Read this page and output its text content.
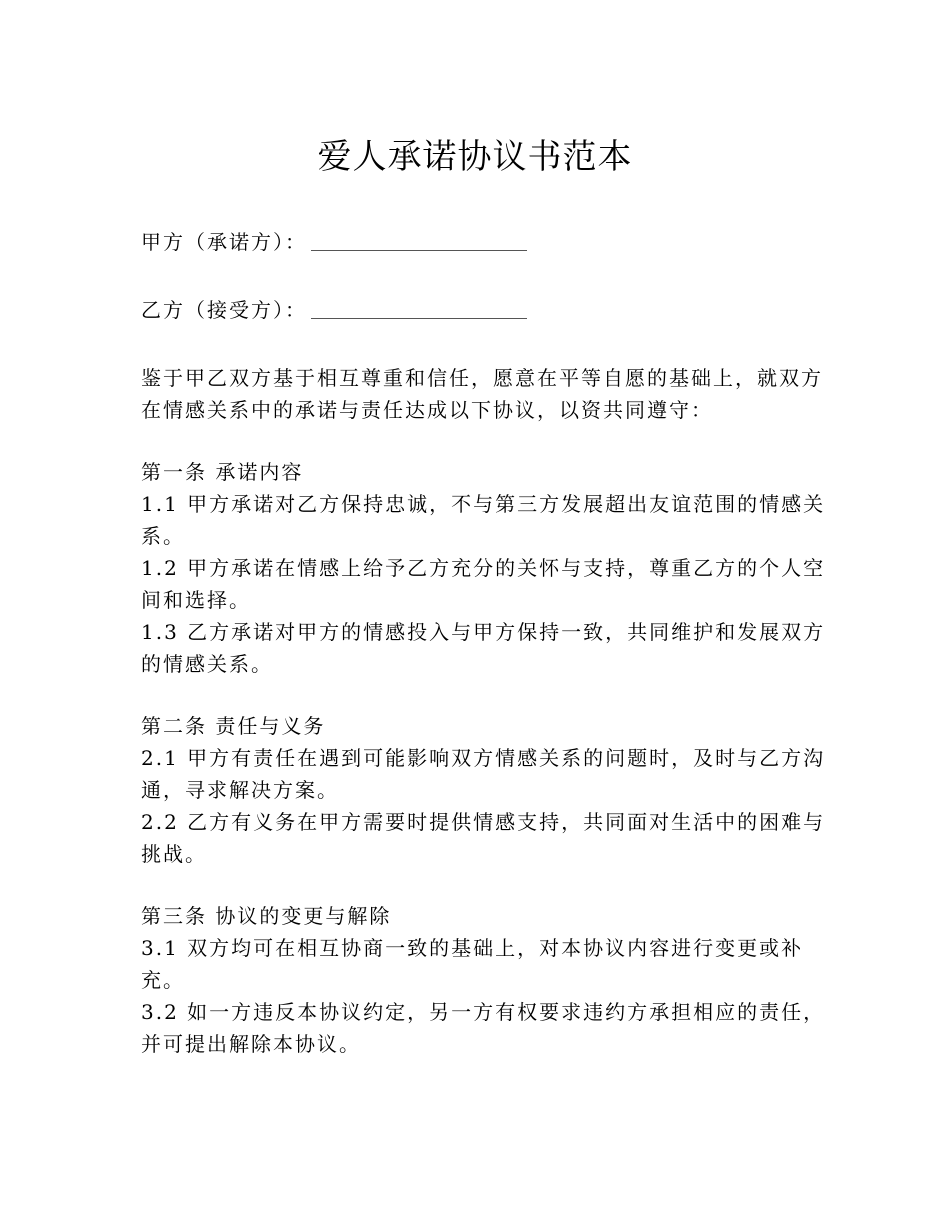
爱人承诺协议书范本
甲方（承诺方）：
乙方（接受方）：

鉴于甲乙双方基于相互尊重和信任，愿意在平等自愿的基础上，就双方在情感关系中的承诺与责任达成以下协议，以资共同遵守：

第一条 承诺内容

1.1 甲方承诺对乙方保持忠诚，不与第三方发展超出友谊范围的情感关系。

1.2 甲方承诺在情感上给予乙方充分的关怀与支持，尊重乙方的个人空间和选择。

1.3 乙方承诺对甲方的情感投入与甲方保持一致，共同维护和发展双方的情感关系。

第二条 责任与义务

2.1 甲方有责任在遇到可能影响双方情感关系的问题时，及时与乙方沟通，寻求解决方案。

2.2 乙方有义务在甲方需要时提供情感支持，共同面对生活中的困难与挑战。

第三条 协议的变更与解除

3.1 双方均可在相互协商一致的基础上，对本协议内容进行变更或补充。

3.2 如一方违反本协议约定，另一方有权要求违约方承担相应的责任，并可提出解除本协议。
